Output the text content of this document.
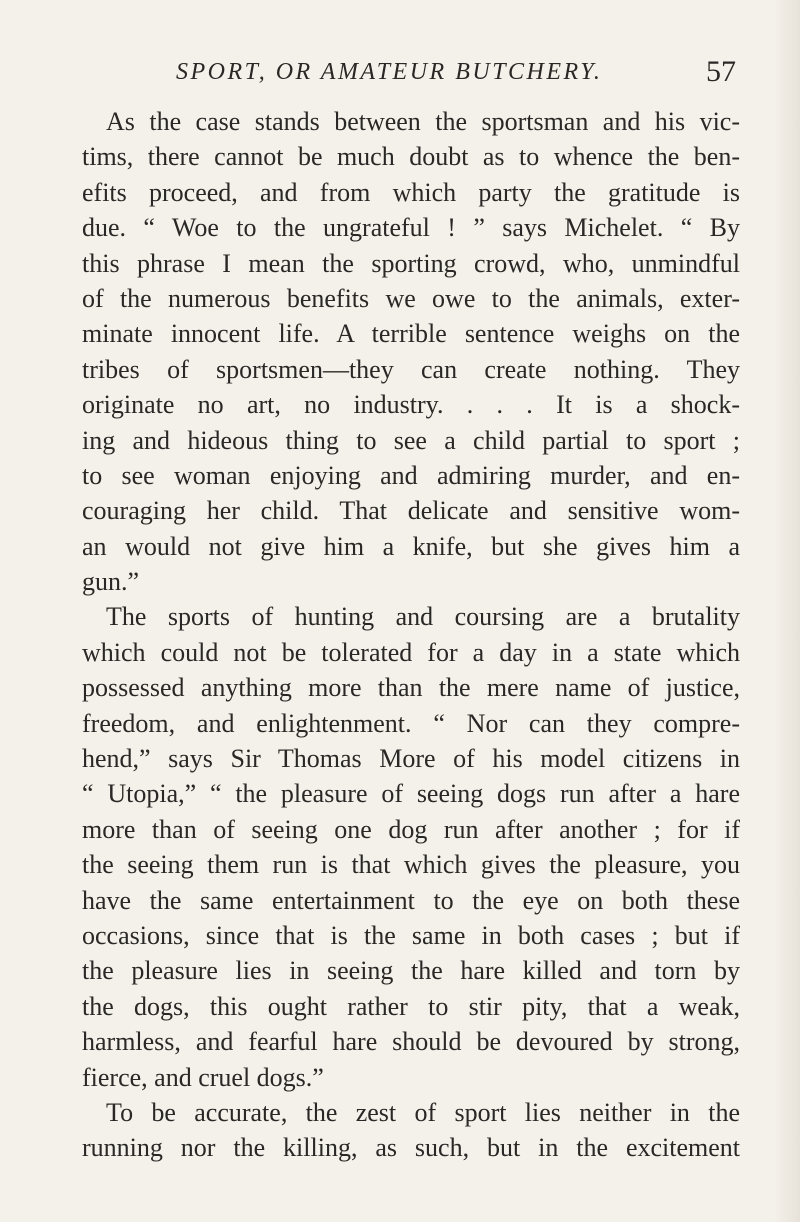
SPORT, OR AMATEUR BUTCHERY.	57
As the case stands between the sportsman and his vic-
tims, there cannot be much doubt as to whence the ben-
efits proceed, and from which party the gratitude is
due. “ Woe to the ungrateful ! ” says Michelet. “ By
this phrase I mean the sporting crowd, who, unmindful
of the numerous benefits we owe to the animals, exter-
minate innocent life. A terrible sentence weighs on the
tribes of sportsmen—they can create nothing. They
originate no art, no industry. . . . It is a shock-
ing and hideous thing to see a child partial to sport ;
to see woman enjoying and admiring murder, and en-
couraging her child. That delicate and sensitive wom-
an would not give him a knife, but she gives him a
gun.”
The sports of hunting and coursing are a brutality
which could not be tolerated for a day in a state which
possessed anything more than the mere name of justice,
freedom, and enlightenment. “ Nor can they compre-
hend,” says Sir Thomas More of his model citizens in
“ Utopia,” “ the pleasure of seeing dogs run after a hare
more than of seeing one dog run after another ; for if
the seeing them run is that which gives the pleasure, you
have the same entertainment to the eye on both these
occasions, since that is the same in both cases ; but if
the pleasure lies in seeing the hare killed and torn by
the dogs, this ought rather to stir pity, that a weak,
harmless, and fearful hare should be devoured by strong,
fierce, and cruel dogs.”
To be accurate, the zest of sport lies neither in the
running nor the killing, as such, but in the excitement
